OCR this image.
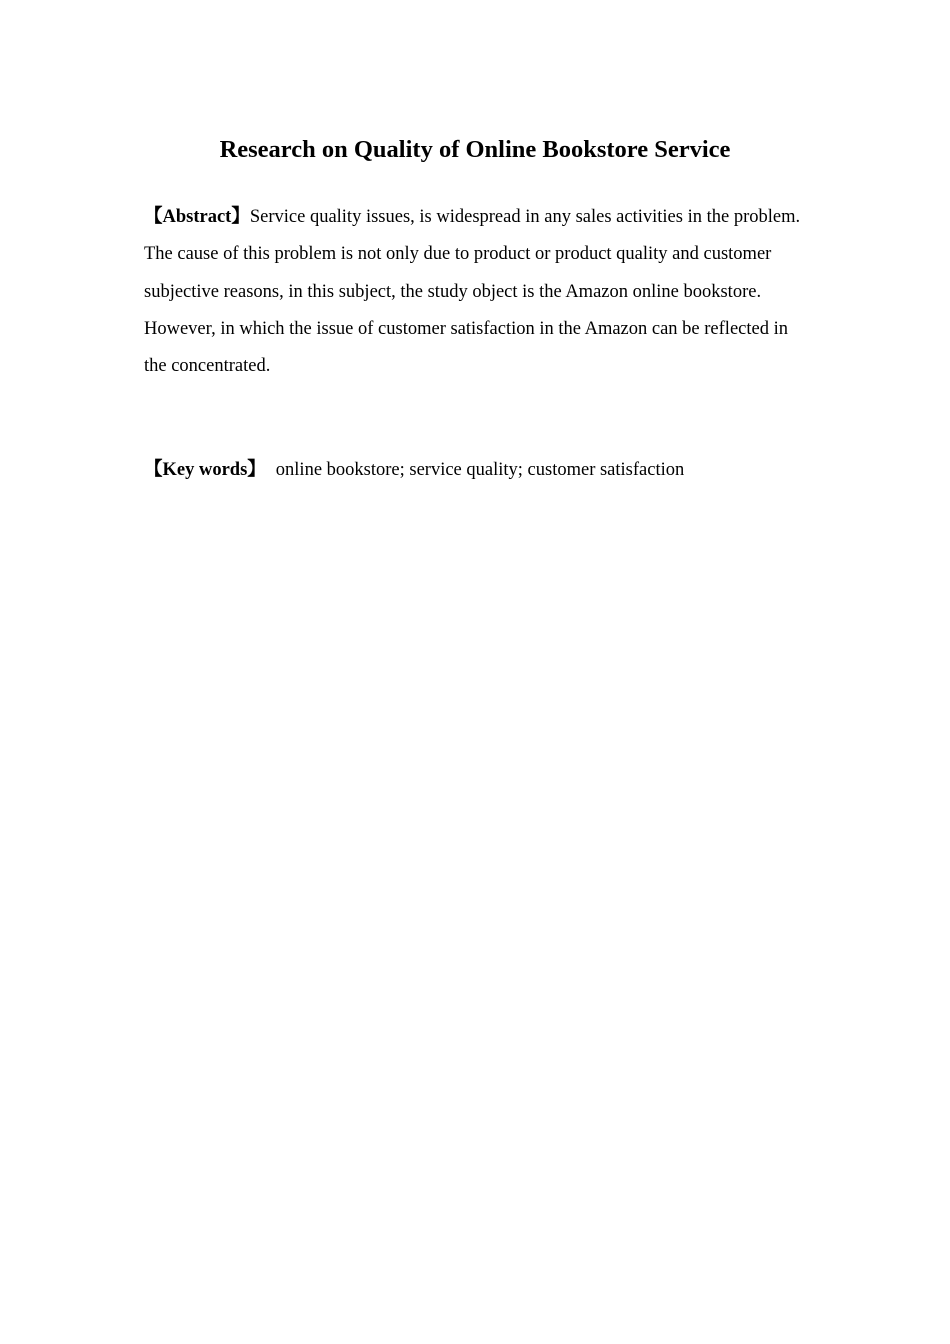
Research on Quality of Online Bookstore Service

【Abstract】Service quality issues, is widespread in any sales activities in the problem. The cause of this problem is not only due to product or product quality and customer subjective reasons, in this subject, the study object is the Amazon online bookstore. However, in which the issue of customer satisfaction in the Amazon can be reflected in the concentrated.

【Key words】 online bookstore; service quality; customer satisfaction
